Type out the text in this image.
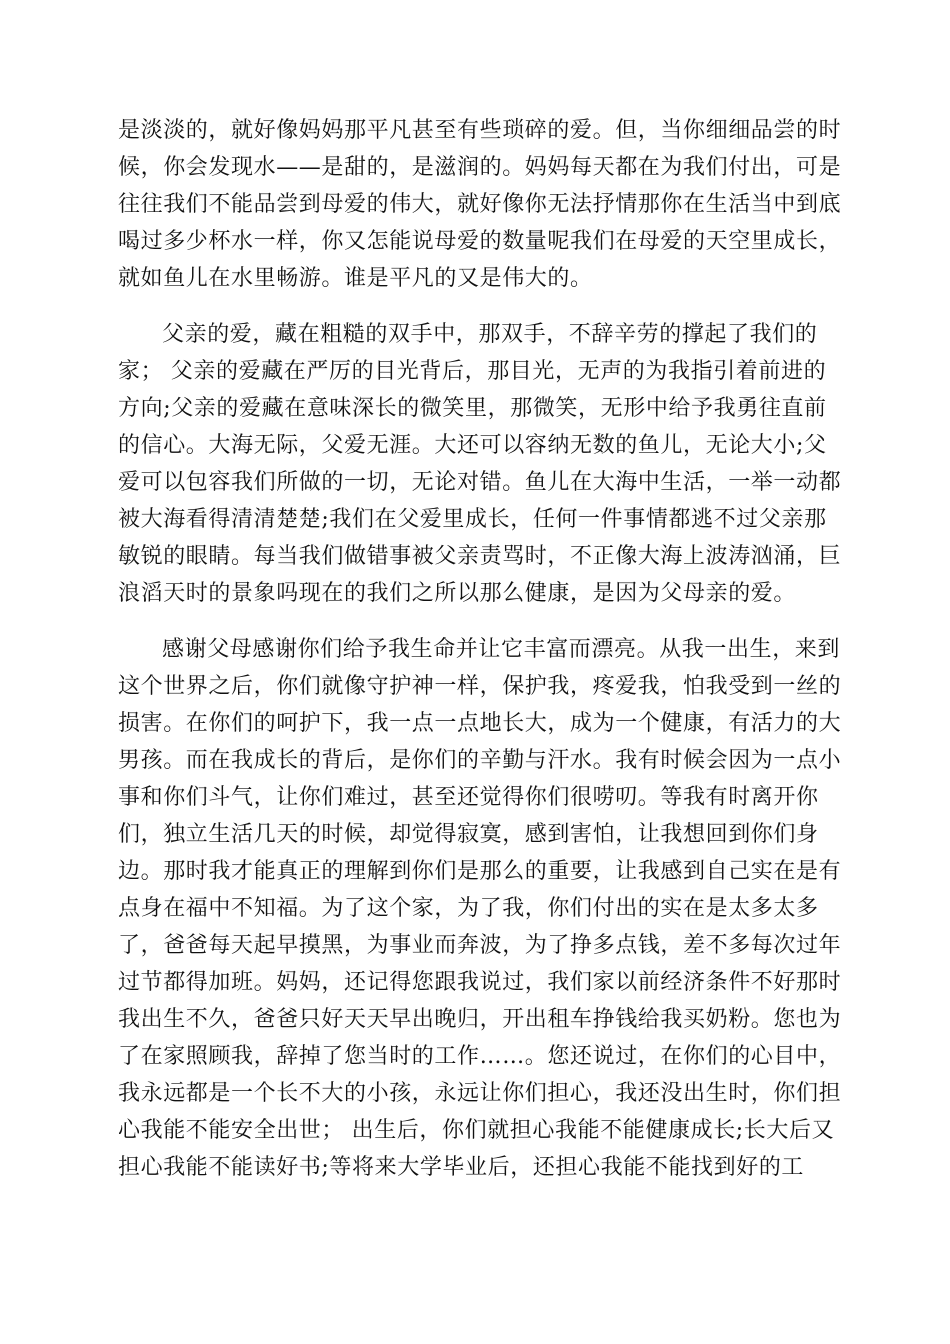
是淡淡的，就好像妈妈那平凡甚至有些琐碎的爱。但，当你细细品尝的时
候，你会发现水——是甜的，是滋润的。妈妈每天都在为我们付出，可是
往往我们不能品尝到母爱的伟大，就好像你无法抒情那你在生活当中到底
喝过多少杯水一样，你又怎能说母爱的数量呢我们在母爱的天空里成长，
就如鱼儿在水里畅游。谁是平凡的又是伟大的。
父亲的爱，藏在粗糙的双手中，那双手，不辞辛劳的撑起了我们的
家； 父亲的爱藏在严厉的目光背后，那目光，无声的为我指引着前进的
方向;父亲的爱藏在意味深长的微笑里，那微笑，无形中给予我勇往直前
的信心。大海无际，父爱无涯。大还可以容纳无数的鱼儿，无论大小;父
爱可以包容我们所做的一切，无论对错。鱼儿在大海中生活，一举一动都
被大海看得清清楚楚;我们在父爱里成长，任何一件事情都逃不过父亲那
敏锐的眼睛。每当我们做错事被父亲责骂时，不正像大海上波涛汹涌，巨
浪滔天时的景象吗现在的我们之所以那么健康，是因为父母亲的爱。
感谢父母感谢你们给予我生命并让它丰富而漂亮。从我一出生，来到
这个世界之后，你们就像守护神一样，保护我，疼爱我，怕我受到一丝的
损害。在你们的呵护下，我一点一点地长大，成为一个健康，有活力的大
男孩。而在我成长的背后，是你们的辛勤与汗水。我有时候会因为一点小
事和你们斗气，让你们难过，甚至还觉得你们很唠叨。等我有时离开你
们，独立生活几天的时候，却觉得寂寞，感到害怕，让我想回到你们身
边。那时我才能真正的理解到你们是那么的重要，让我感到自己实在是有
点身在福中不知福。为了这个家，为了我，你们付出的实在是太多太多
了，爸爸每天起早摸黑，为事业而奔波，为了挣多点钱，差不多每次过年
过节都得加班。妈妈，还记得您跟我说过，我们家以前经济条件不好那时
我出生不久，爸爸只好天天早出晚归，开出租车挣钱给我买奶粉。您也为
了在家照顾我，辞掉了您当时的工作……。您还说过，在你们的心目中，
我永远都是一个长不大的小孩，永远让你们担心，我还没出生时，你们担
心我能不能安全出世； 出生后，你们就担心我能不能健康成长;长大后又
担心我能不能读好书;等将来大学毕业后，还担心我能不能找到好的工
